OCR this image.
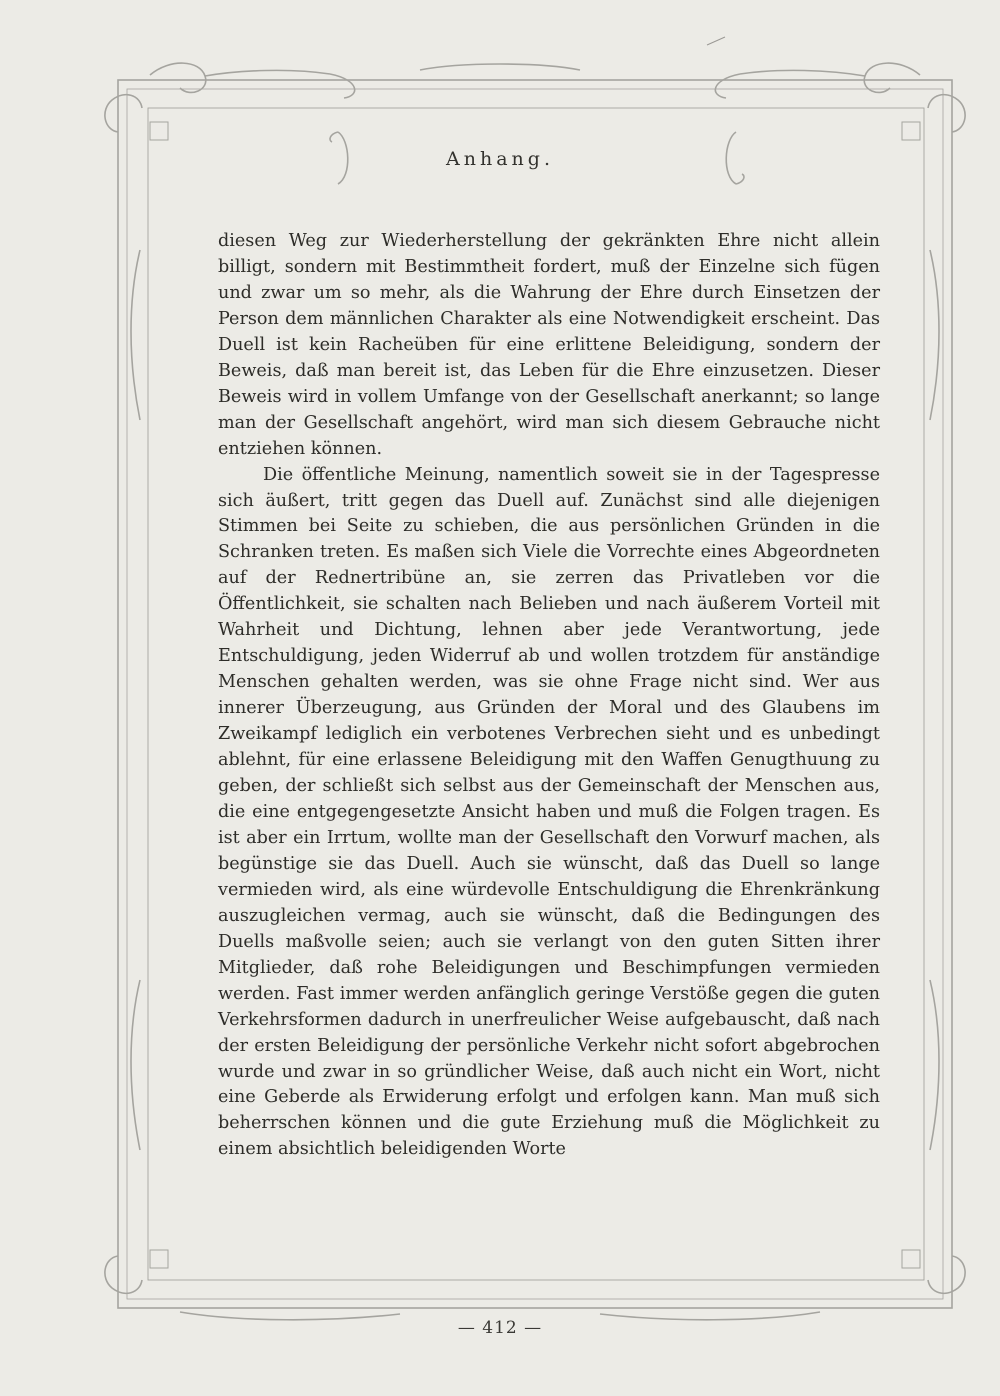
Anhang.

diesen Weg zur Wiederherstellung der gekränkten Ehre nicht allein billigt, sondern mit Bestimmtheit fordert, muß der Einzelne sich fügen und zwar um so mehr, als die Wahrung der Ehre durch Einsetzen der Person dem männlichen Charakter als eine Notwendigkeit erscheint. Das Duell ist kein Racheüben für eine erlittene Beleidigung, sondern der Beweis, daß man bereit ist, das Leben für die Ehre einzusetzen. Dieser Beweis wird in vollem Umfange von der Gesellschaft anerkannt; so lange man der Gesellschaft angehört, wird man sich diesem Gebrauche nicht entziehen können.

Die öffentliche Meinung, namentlich soweit sie in der Tagespresse sich äußert, tritt gegen das Duell auf. Zunächst sind alle diejenigen Stimmen bei Seite zu schieben, die aus persönlichen Gründen in die Schranken treten. Es maßen sich Viele die Vorrechte eines Abgeordneten auf der Rednertribüne an, sie zerren das Privatleben vor die Öffentlichkeit, sie schalten nach Belieben und nach äußerem Vorteil mit Wahrheit und Dichtung, lehnen aber jede Verantwortung, jede Entschuldigung, jeden Widerruf ab und wollen trotzdem für anständige Menschen gehalten werden, was sie ohne Frage nicht sind. Wer aus innerer Überzeugung, aus Gründen der Moral und des Glaubens im Zweikampf lediglich ein verbotenes Verbrechen sieht und es unbedingt ablehnt, für eine erlassene Beleidigung mit den Waffen Genugthuung zu geben, der schließt sich selbst aus der Gemeinschaft der Menschen aus, die eine entgegengesetzte Ansicht haben und muß die Folgen tragen. Es ist aber ein Irrtum, wollte man der Gesellschaft den Vorwurf machen, als begünstige sie das Duell. Auch sie wünscht, daß das Duell so lange vermieden wird, als eine würdevolle Entschuldigung die Ehrenkränkung auszugleichen vermag, auch sie wünscht, daß die Bedingungen des Duells maßvolle seien; auch sie verlangt von den guten Sitten ihrer Mitglieder, daß rohe Beleidigungen und Beschimpfungen vermieden werden. Fast immer werden anfänglich geringe Verstöße gegen die guten Verkehrsformen dadurch in unerfreulicher Weise aufgebauscht, daß nach der ersten Beleidigung der persönliche Verkehr nicht sofort abgebrochen wurde und zwar in so gründlicher Weise, daß auch nicht ein Wort, nicht eine Geberde als Erwiderung erfolgt und erfolgen kann. Man muß sich beherrschen können und die gute Erziehung muß die Möglichkeit zu einem absichtlich beleidigenden Worte

— 412 —
